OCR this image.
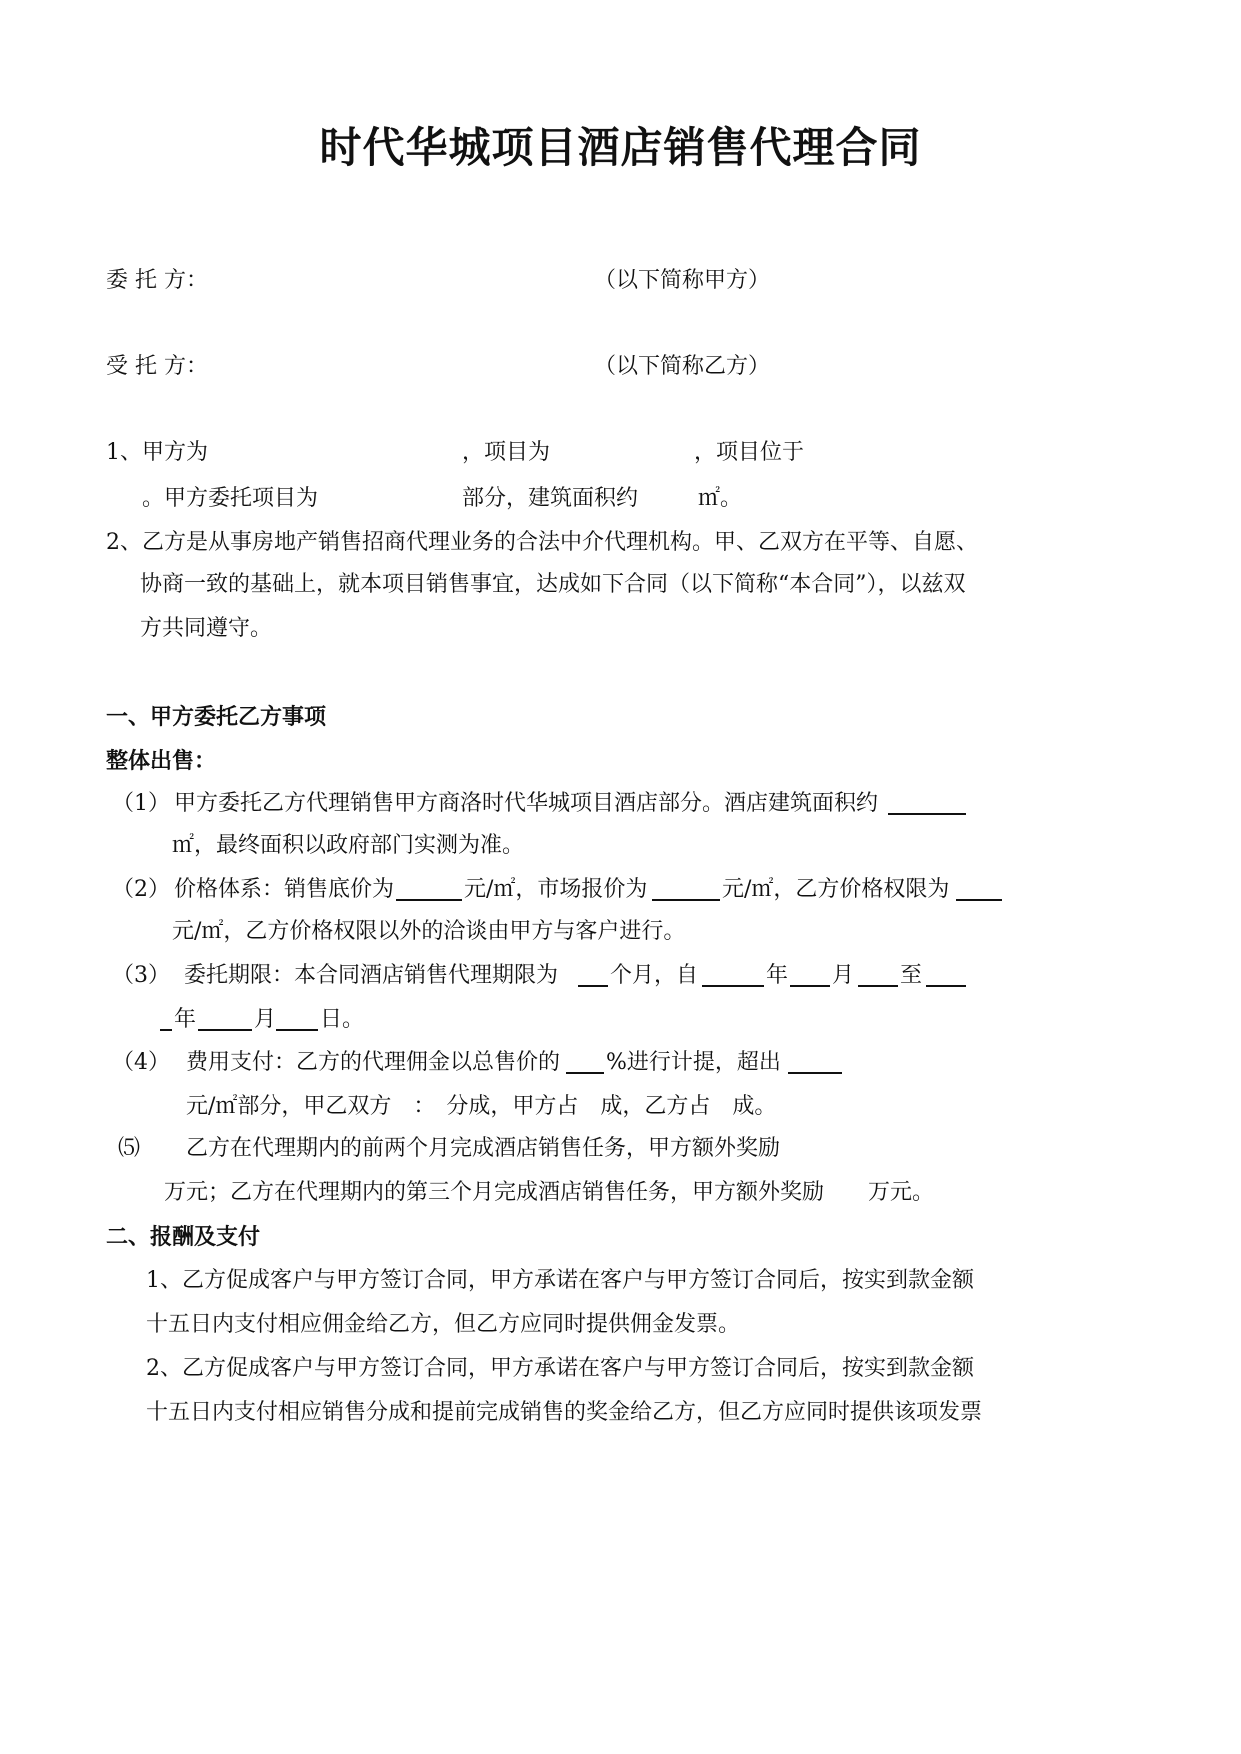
时代华城项目酒店销售代理合同
委 托 方：	（以下简称甲方）
受 托 方：	（以下简称乙方）
1、甲方为	，项目为	，项目位于
。甲方委托项目为	部分，建筑面积约	㎡。
2、乙方是从事房地产销售招商代理业务的合法中介代理机构。甲、乙双方在平等、自愿、
协商一致的基础上，就本项目销售事宜，达成如下合同（以下简称“本合同”），以兹双
方共同遵守。
一、甲方委托乙方事项
整体出售：
（1） 甲方委托乙方代理销售甲方商洛时代华城项目酒店部分。酒店建筑面积约
㎡，最终面积以政府部门实测为准。
（2） 价格体系：销售底价为	元/㎡，市场报价为	元/㎡，乙方价格权限为
元/㎡，乙方价格权限以外的洽谈由甲方与客户进行。
（3） 委托期限：本合同酒店销售代理期限为 个月，自	年 月 至
年	月 日。
（4） 费用支付：乙方的代理佣金以总售价的 %进行计提，超出
元/㎡部分，甲乙双方　：　分成，甲方占　成，乙方占　成。
⑸ 乙方在代理期内的前两个月完成酒店销售任务，甲方额外奖励
万元；乙方在代理期内的第三个月完成酒店销售任务，甲方额外奖励　　万元。
二、报酬及支付
1、乙方促成客户与甲方签订合同，甲方承诺在客户与甲方签订合同后，按实到款金额
十五日内支付相应佣金给乙方，但乙方应同时提供佣金发票。
2、乙方促成客户与甲方签订合同，甲方承诺在客户与甲方签订合同后，按实到款金额
十五日内支付相应销售分成和提前完成销售的奖金给乙方，但乙方应同时提供该项发票
